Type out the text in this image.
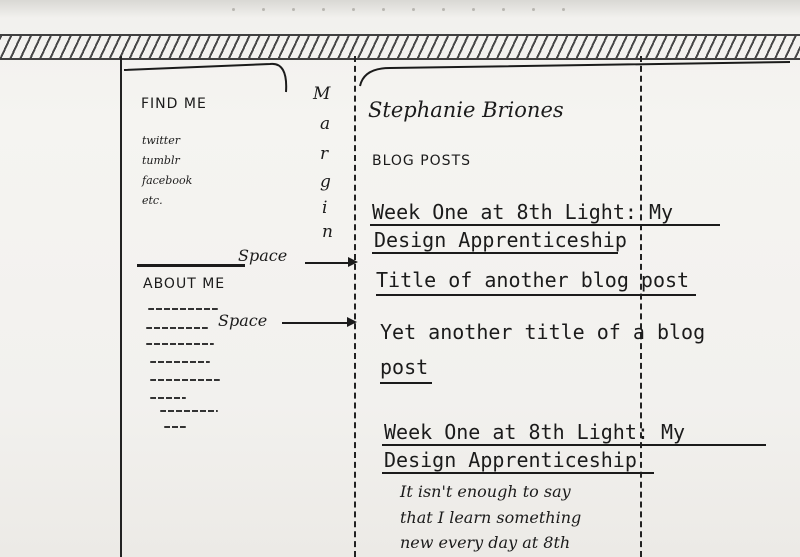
FIND ME
twitter
tumblr
facebook
etc.
ABOUT ME
M
a
r
g
i
n
Space
Space
Stephanie Briones
BLOG POSTS
Week One at 8th Light: My
Design Apprenticeship
Title of another blog post
Yet another title of a blog
post
Week One at 8th Light: My
Design Apprenticeship
It isn't enough to say
that I learn something
new every day at 8th
